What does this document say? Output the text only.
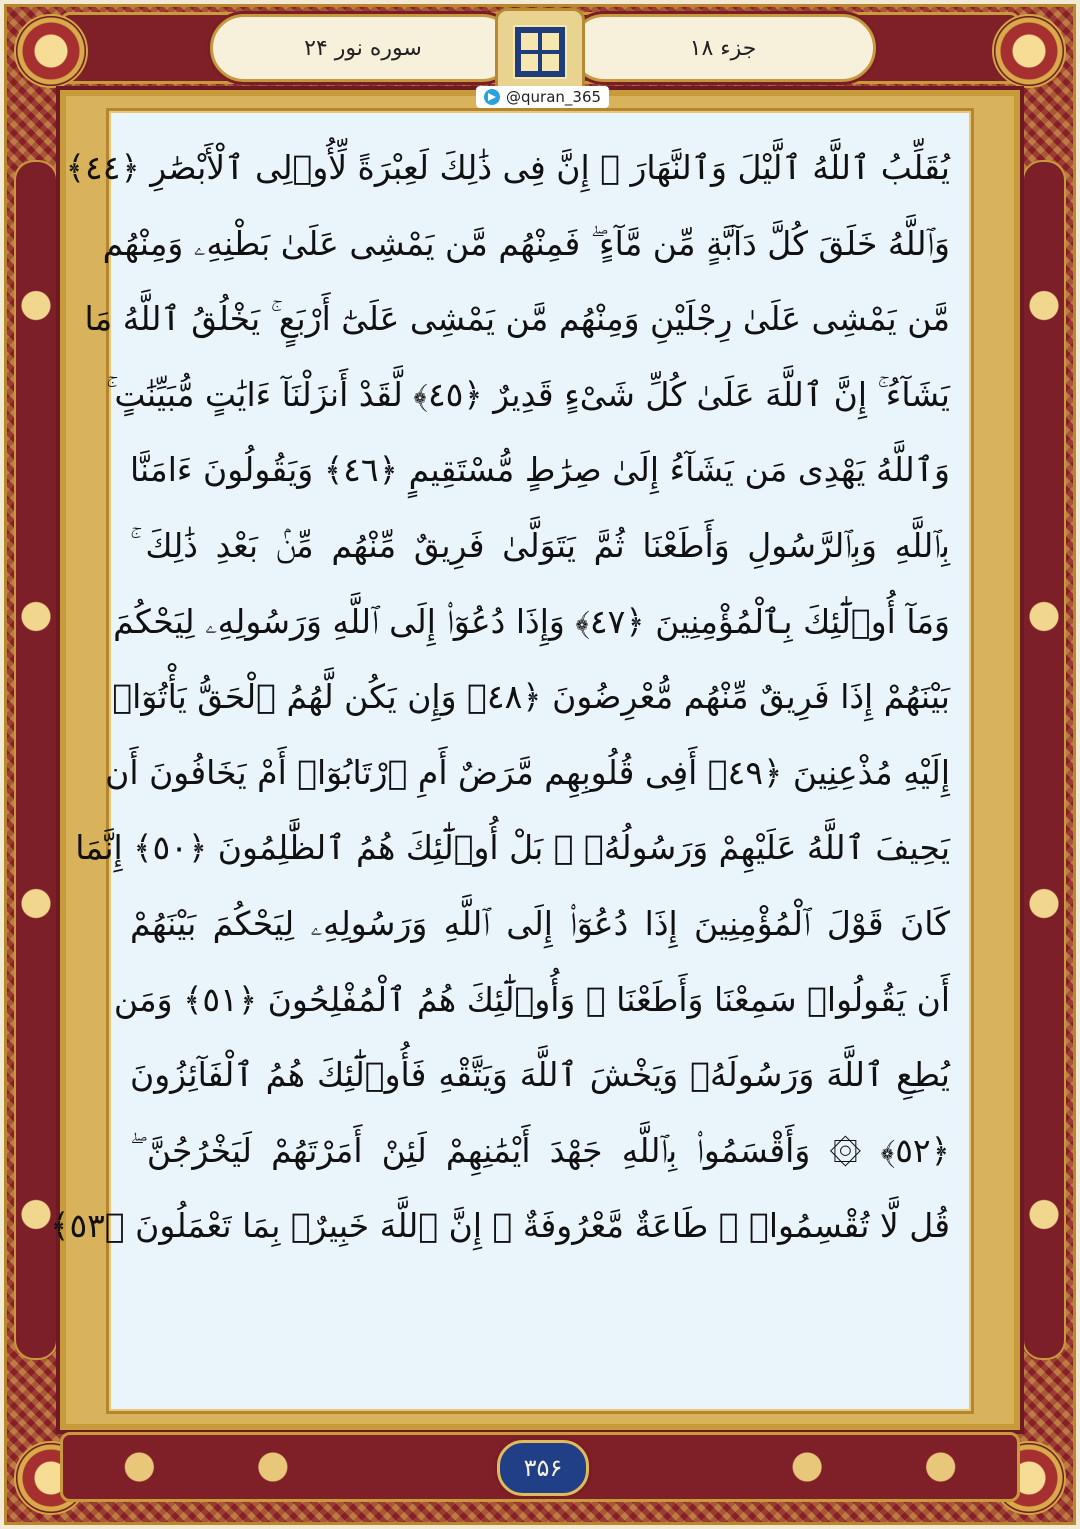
سوره نور ۲۴	جزء ۱۸
@quran_365
يُقَلِّبُ ٱللَّهُ ٱلَّيْلَ وَٱلنَّهَارَ ۚ إِنَّ فِى ذَٰلِكَ لَعِبْرَةً لِّأُو۟لِى ٱلْأَبْصَٰرِ ﴿٤٤﴾
وَٱللَّهُ خَلَقَ كُلَّ دَآبَّةٍ مِّن مَّآءٍ ۖ فَمِنْهُم مَّن يَمْشِى عَلَىٰ بَطْنِهِۦ وَمِنْهُم
مَّن يَمْشِى عَلَىٰ رِجْلَيْنِ وَمِنْهُم مَّن يَمْشِى عَلَىٰٓ أَرْبَعٍ ۚ يَخْلُقُ ٱللَّهُ مَا
يَشَآءُ ۚ إِنَّ ٱللَّهَ عَلَىٰ كُلِّ شَىْءٍ قَدِيرٌ ﴿٤٥﴾ لَّقَدْ أَنزَلْنَآ ءَايَٰتٍ مُّبَيِّنَٰتٍ ۚ
وَٱللَّهُ يَهْدِى مَن يَشَآءُ إِلَىٰ صِرَٰطٍ مُّسْتَقِيمٍ ﴿٤٦﴾ وَيَقُولُونَ ءَامَنَّا
بِٱللَّهِ وَبِٱلرَّسُولِ وَأَطَعْنَا ثُمَّ يَتَوَلَّىٰ فَرِيقٌ مِّنْهُم مِّنۢ بَعْدِ ذَٰلِكَ ۚ
وَمَآ أُو۟لَٰٓئِكَ بِٱلْمُؤْمِنِينَ ﴿٤٧﴾ وَإِذَا دُعُوٓا۟ إِلَى ٱللَّهِ وَرَسُولِهِۦ لِيَحْكُمَ
بَيْنَهُمْ إِذَا فَرِيقٌ مِّنْهُم مُّعْرِضُونَ ﴿٤٨﴾ وَإِن يَكُن لَّهُمُ ٱلْحَقُّ يَأْتُوٓا۟
إِلَيْهِ مُذْعِنِينَ ﴿٤٩﴾ أَفِى قُلُوبِهِم مَّرَضٌ أَمِ ٱرْتَابُوٓا۟ أَمْ يَخَافُونَ أَن
يَحِيفَ ٱللَّهُ عَلَيْهِمْ وَرَسُولُهُۥ ۚ بَلْ أُو۟لَٰٓئِكَ هُمُ ٱلظَّٰلِمُونَ ﴿٥٠﴾ إِنَّمَا
كَانَ قَوْلَ ٱلْمُؤْمِنِينَ إِذَا دُعُوٓا۟ إِلَى ٱللَّهِ وَرَسُولِهِۦ لِيَحْكُمَ بَيْنَهُمْ
أَن يَقُولُوا۟ سَمِعْنَا وَأَطَعْنَا ۚ وَأُو۟لَٰٓئِكَ هُمُ ٱلْمُفْلِحُونَ ﴿٥١﴾ وَمَن
يُطِعِ ٱللَّهَ وَرَسُولَهُۥ وَيَخْشَ ٱللَّهَ وَيَتَّقْهِ فَأُو۟لَٰٓئِكَ هُمُ ٱلْفَآئِزُونَ
﴿٥٢﴾ ۞ وَأَقْسَمُوا۟ بِٱللَّهِ جَهْدَ أَيْمَٰنِهِمْ لَئِنْ أَمَرْتَهُمْ لَيَخْرُجُنَّ ۖ
قُل لَّا تُقْسِمُوا۟ ۖ طَاعَةٌ مَّعْرُوفَةٌ ۚ إِنَّ ٱللَّهَ خَبِيرٌۢ بِمَا تَعْمَلُونَ ﴿٥٣﴾
۳۵۶
